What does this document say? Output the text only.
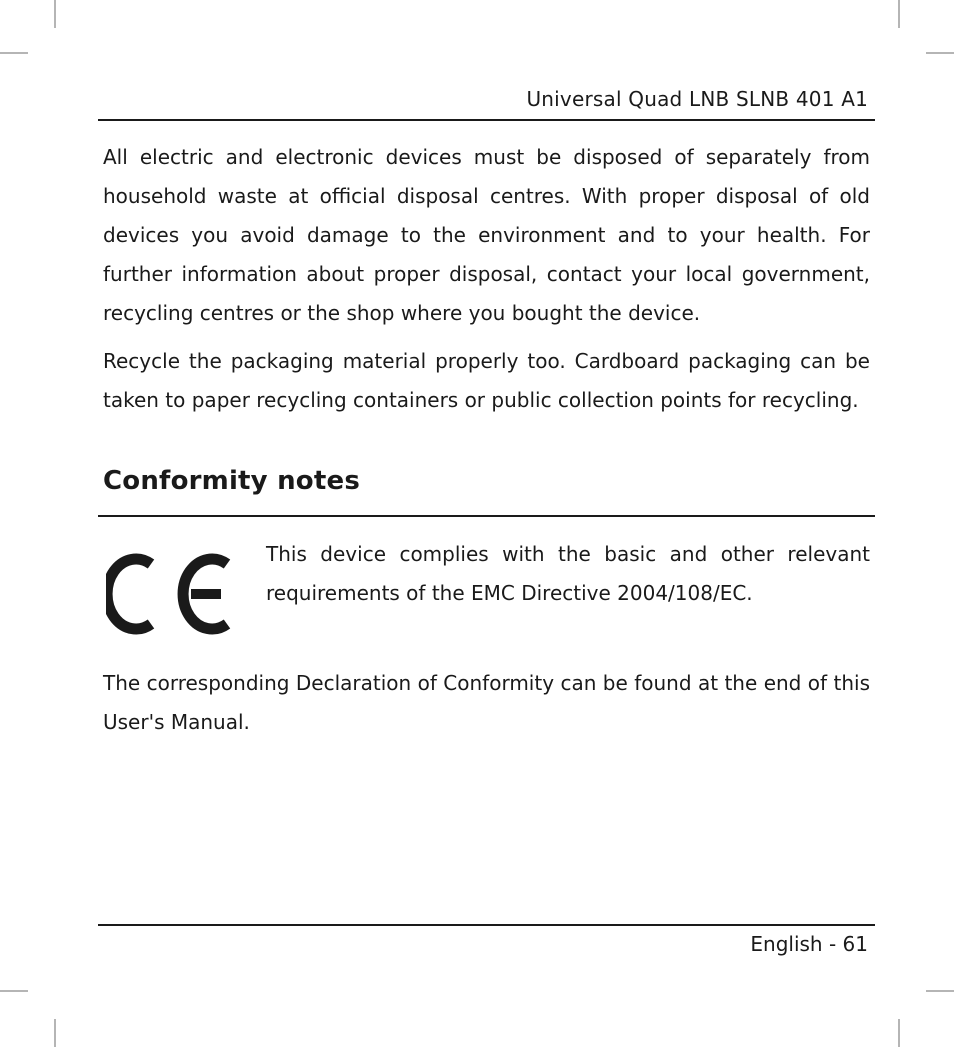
Universal Quad LNB SLNB 401 A1

All electric and electronic devices must be disposed of separately from household waste at official disposal centres. With proper disposal of old devices you avoid damage to the environment and to your health. For further information about proper disposal, contact your local government, recycling centres or the shop where you bought the device.

Recycle the packaging material properly too. Cardboard packaging can be taken to paper recycling containers or public collection points for recycling.

Conformity notes

This device complies with the basic and other relevant requirements of the EMC Directive 2004/108/EC.

The corresponding Declaration of Conformity can be found at the end of this User's Manual.

English - 61
